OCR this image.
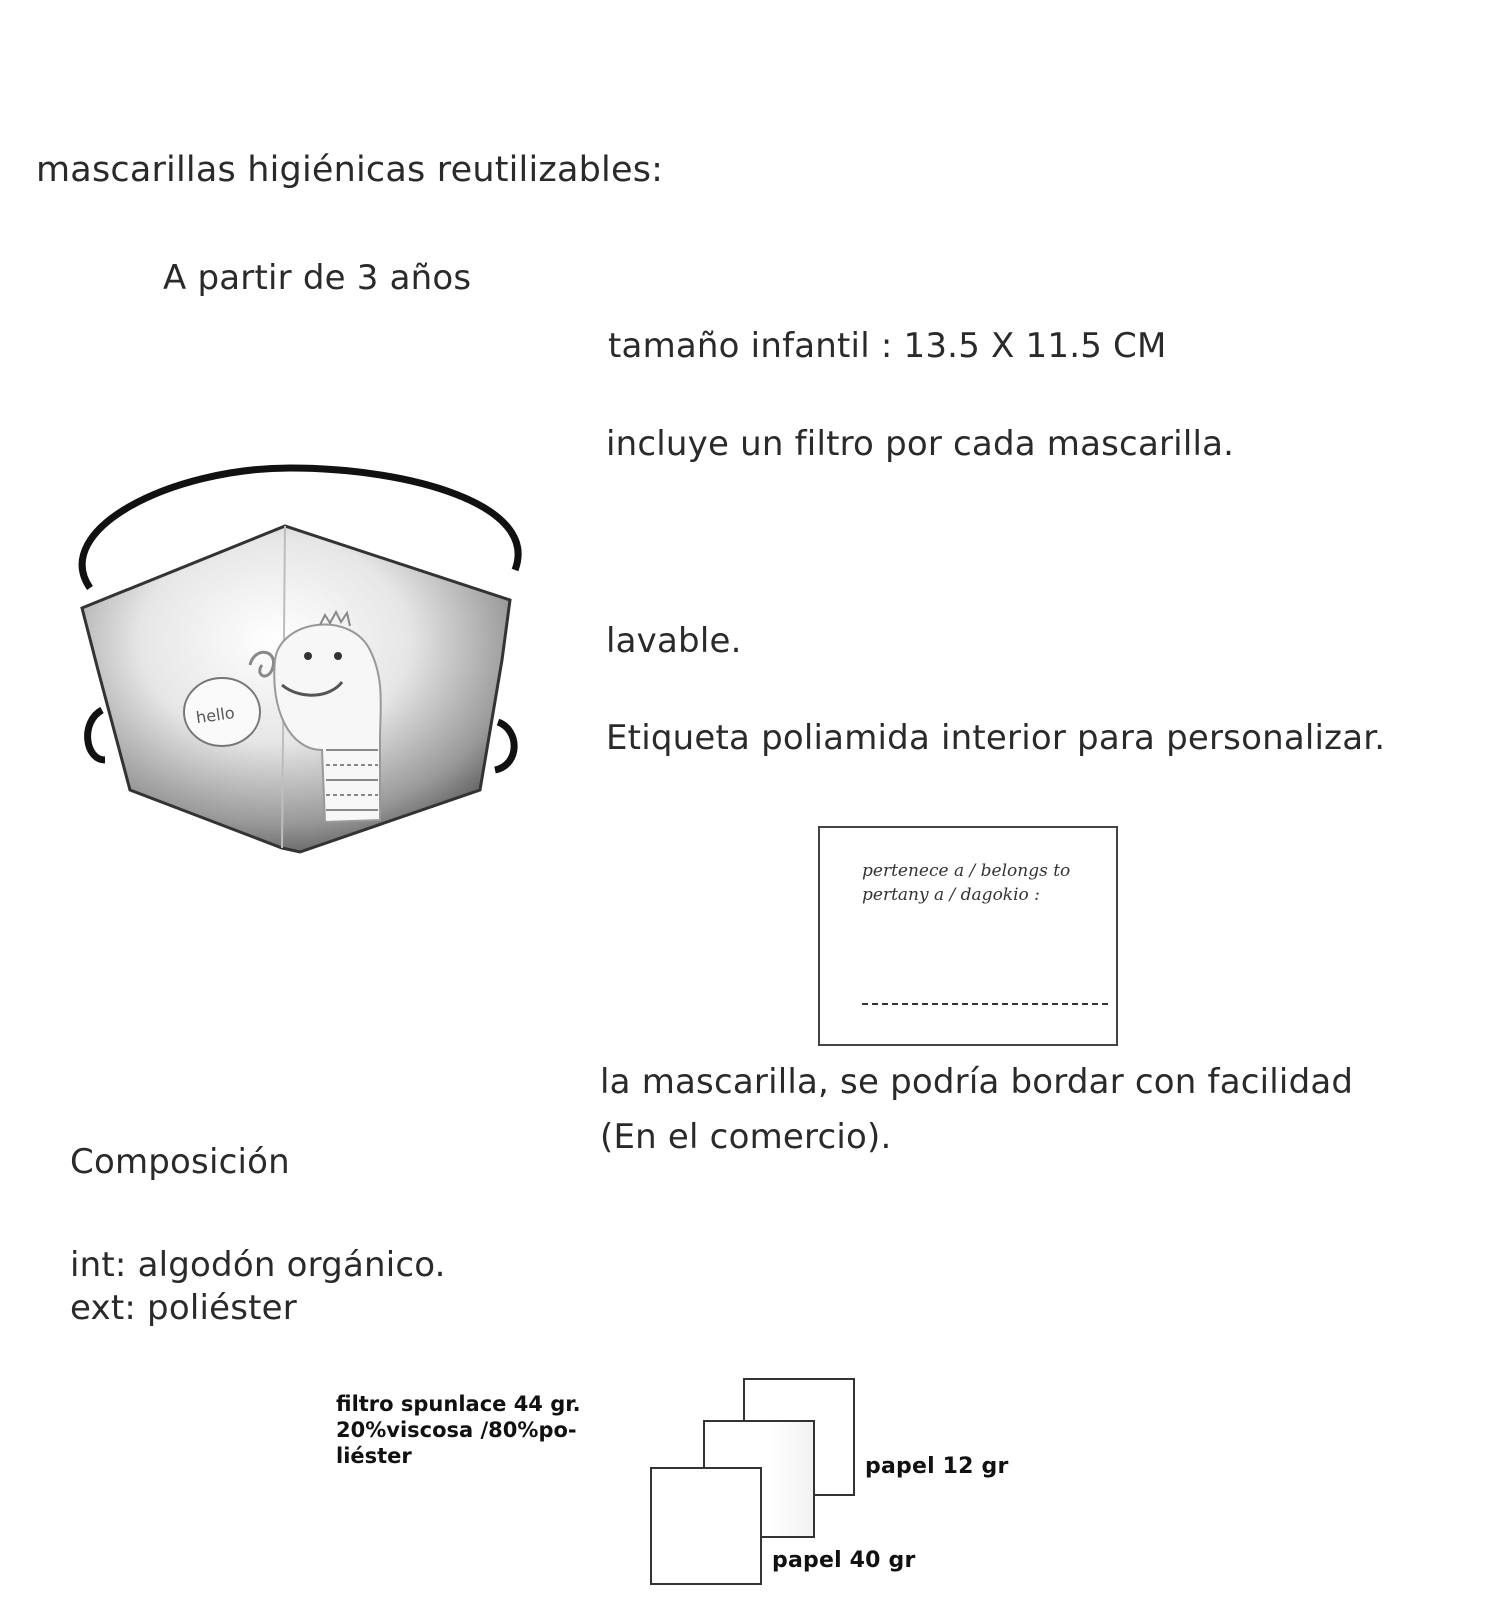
mascarillas higiénicas reutilizables:
A partir de 3 años
tamaño infantil : 13.5 X 11.5 CM
incluye un filtro por cada mascarilla.
hello
lavable.
Etiqueta poliamida interior para personalizar.
pertenece a / belongs to
pertany a / dagokio :
la mascarilla, se podría bordar con facilidad
(En el comercio).
Composición
int: algodón orgánico.
ext: poliéster
filtro spunlace 44 gr.
20%viscosa /80%po-
liéster	papel 12 gr
papel 40 gr
